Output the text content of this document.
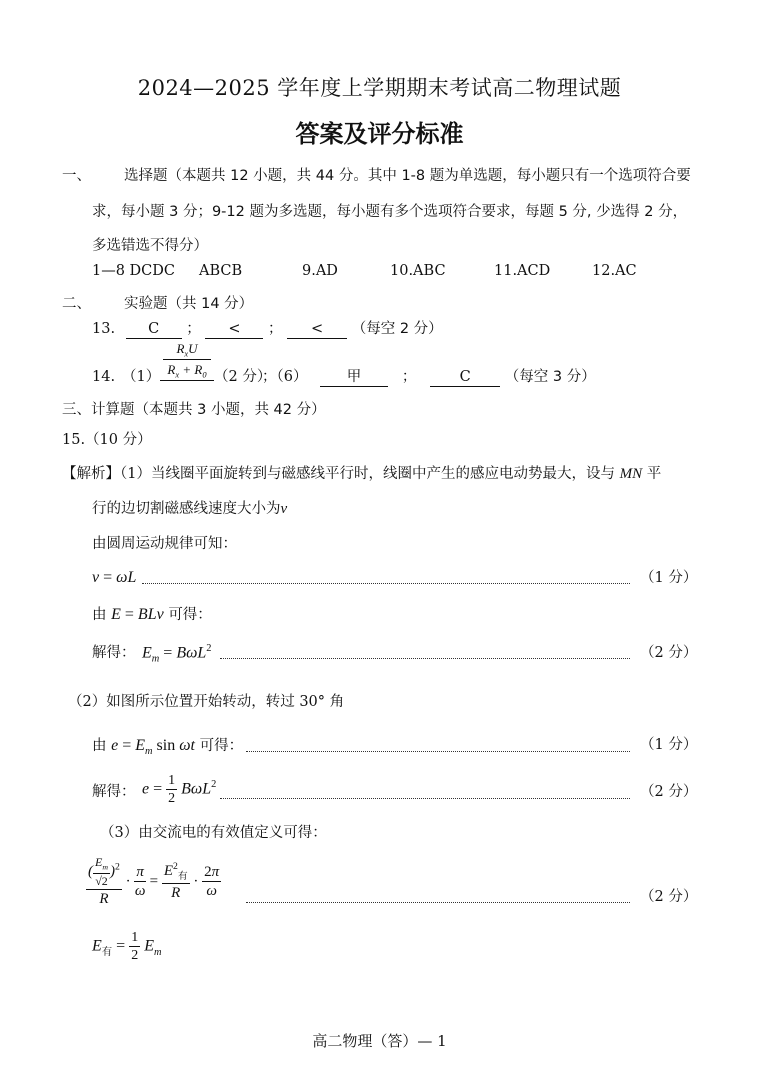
2024—2025 学年度上学期期末考试高二物理试题
答案及评分标准
一、 选择题（本题共 12 小题，共 44 分。其中 1-8 题为单选题，每小题只有一个选项符合要
求，每小题 3 分；9-12 题为多选题，每小题有多个选项符合要求，每题 5 分, 少选得 2 分，
多选错选不得分）
1—8 DCDC ABCB	9.AD	10.ABC	11.ACD	12.AC
二、 实验题（共 14 分）
13. C ； < ； < （每空 2 分）
14. （1）
$R_xU$
$R_x + R_0$ （2 分）
；（6）	甲   ；   C （每空 3 分）
三、计算题（本题共 3 小题，共 42 分）
15.（10 分）
【解析】（1）当线圈平面旋转到与磁感线平行时，线圈中产生的感应电动势最大，设与 MN 平
行的边切割磁感线速度大小为v
由圆周运动规律可知：
v = ωL	（1 分）
由 E = BLv 可得：
解得： $E_m = B\omega L^2$	（2 分）
（2）如图所示位置开始转动，转过 30° 角
由 $e = E_m$ sin ωt 可得：	（1 分）
解得： $e = \frac{1}{2} B\omega L^2$	（2 分）
（3）由交流电的有效值定义可得：
$\frac{( \frac{E_m}{√2} )^2}{R} \cdot \frac{\pi}{\omega} = \frac{E^2_有}{R} \cdot \frac{2\pi}{\omega}$	（2 分）
$E_有 = \frac{1}{2} E_m$
高二物理（答）— 1
